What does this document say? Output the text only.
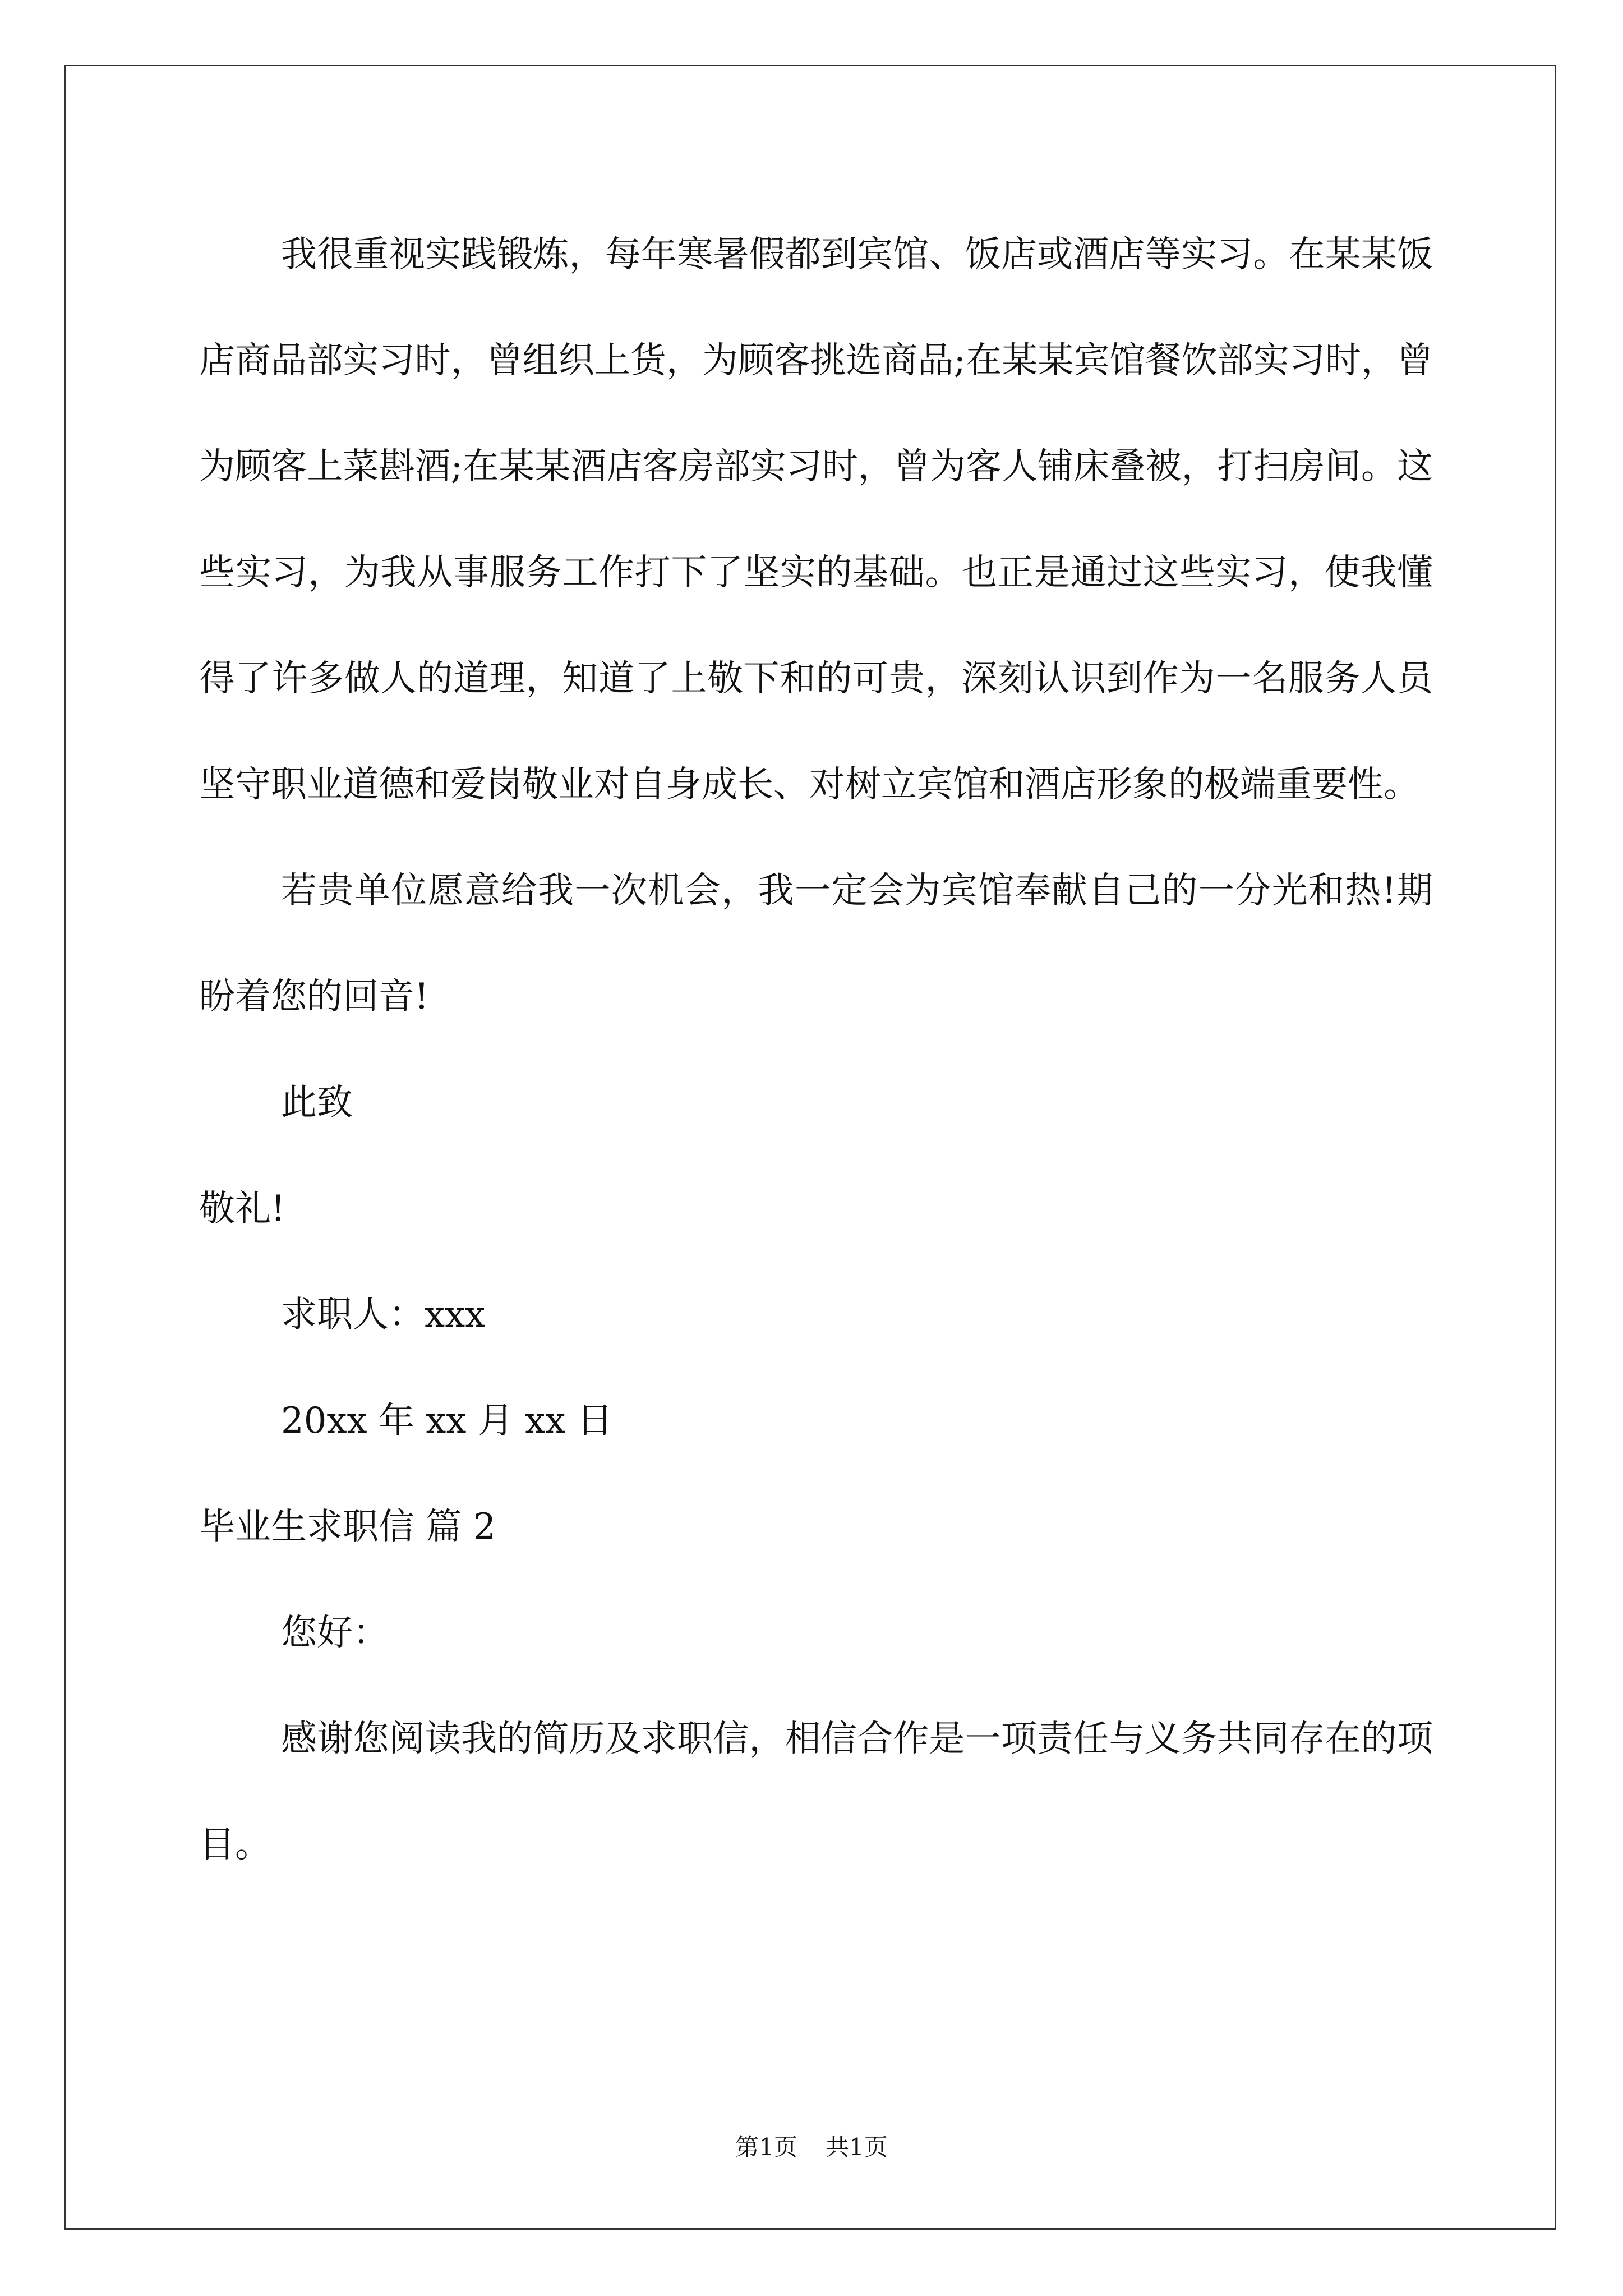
我很重视实践锻炼，每年寒暑假都到宾馆、饭店或酒店等实习。在某某饭店商品部实习时，曾组织上货，为顾客挑选商品;在某某宾馆餐饮部实习时，曾为顾客上菜斟酒;在某某酒店客房部实习时，曾为客人铺床叠被，打扫房间。这些实习，为我从事服务工作打下了坚实的基础。也正是通过这些实习，使我懂得了许多做人的道理，知道了上敬下和的可贵，深刻认识到作为一名服务人员坚守职业道德和爱岗敬业对自身成长、对树立宾馆和酒店形象的极端重要性。

若贵单位愿意给我一次机会，我一定会为宾馆奉献自己的一分光和热!期盼着您的回音!

此致

敬礼!

求职人：xxx

20xx 年 xx 月 xx 日

毕业生求职信 篇 2

您好：

感谢您阅读我的简历及求职信，相信合作是一项责任与义务共同存在的项目。

第1页 共1页
